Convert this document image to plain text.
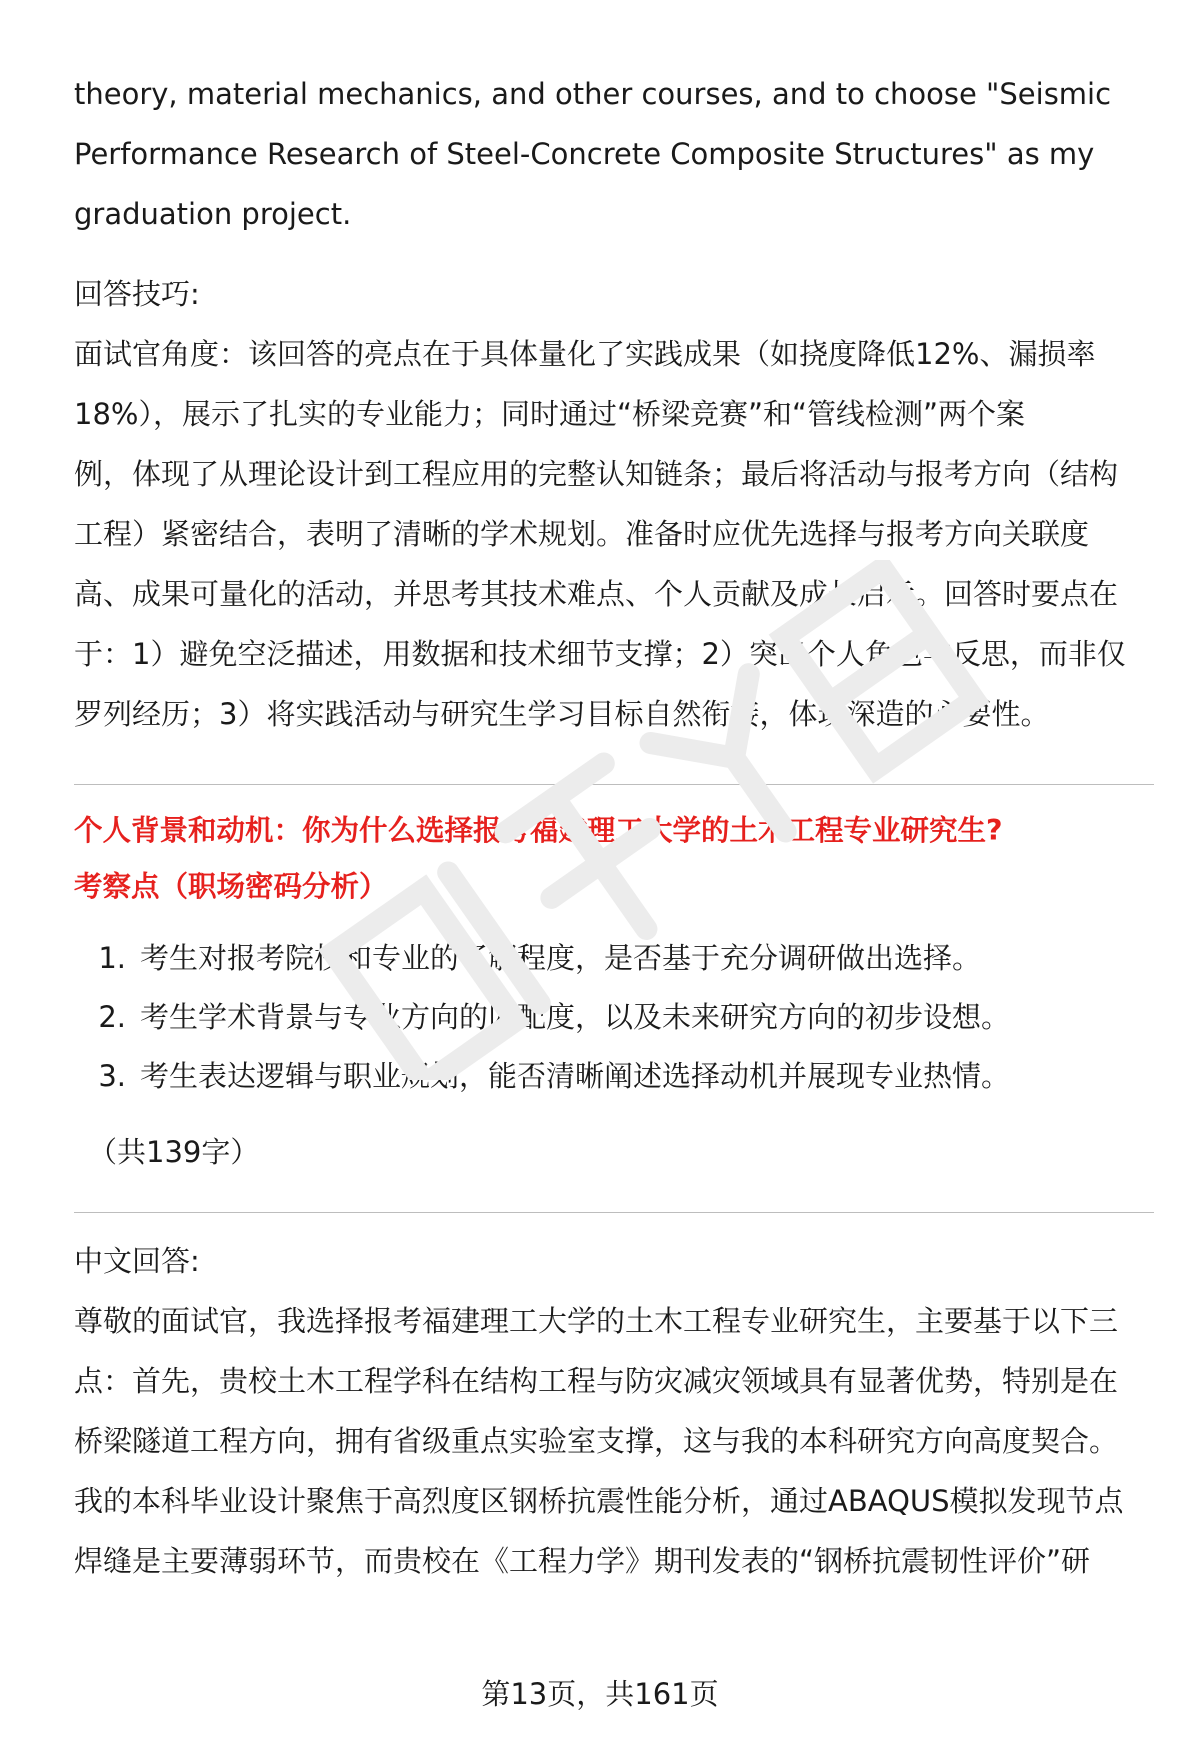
theory, material mechanics, and other courses, and to choose "Seismic

Performance Research of Steel-Concrete Composite Structures" as my

graduation project.

回答技巧:

面试官角度：该回答的亮点在于具体量化了实践成果（如挠度降低12%、漏损率

18%），展示了扎实的专业能力；同时通过“桥梁竞赛”和“管线检测”两个案

例，体现了从理论设计到工程应用的完整认知链条；最后将活动与报考方向（结构

工程）紧密结合，表明了清晰的学术规划。准备时应优先选择与报考方向关联度

高、成果可量化的活动，并思考其技术难点、个人贡献及成长启示。回答时要点在

于：1）避免空泛描述，用数据和技术细节支撑；2）突出个人角色与反思，而非仅

罗列经历；3）将实践活动与研究生学习目标自然衔接，体现深造的必要性。

个人背景和动机：你为什么选择报考福建理工大学的土木工程专业研究生?

考察点（职场密码分析）

1. 考生对报考院校和专业的了解程度，是否基于充分调研做出选择。
2. 考生学术背景与专业方向的匹配度，以及未来研究方向的初步设想。
3. 考生表达逻辑与职业规划，能否清晰阐述选择动机并展现专业热情。

（共139字）

中文回答:

尊敬的面试官，我选择报考福建理工大学的土木工程专业研究生，主要基于以下三

点：首先，贵校土木工程学科在结构工程与防灾减灾领域具有显著优势，特别是在

桥梁隧道工程方向，拥有省级重点实验室支撑，这与我的本科研究方向高度契合。

我的本科毕业设计聚焦于高烈度区钢桥抗震性能分析，通过ABAQUS模拟发现节点

焊缝是主要薄弱环节，而贵校在《工程力学》期刊发表的“钢桥抗震韧性评价”研

第13页，共161页
